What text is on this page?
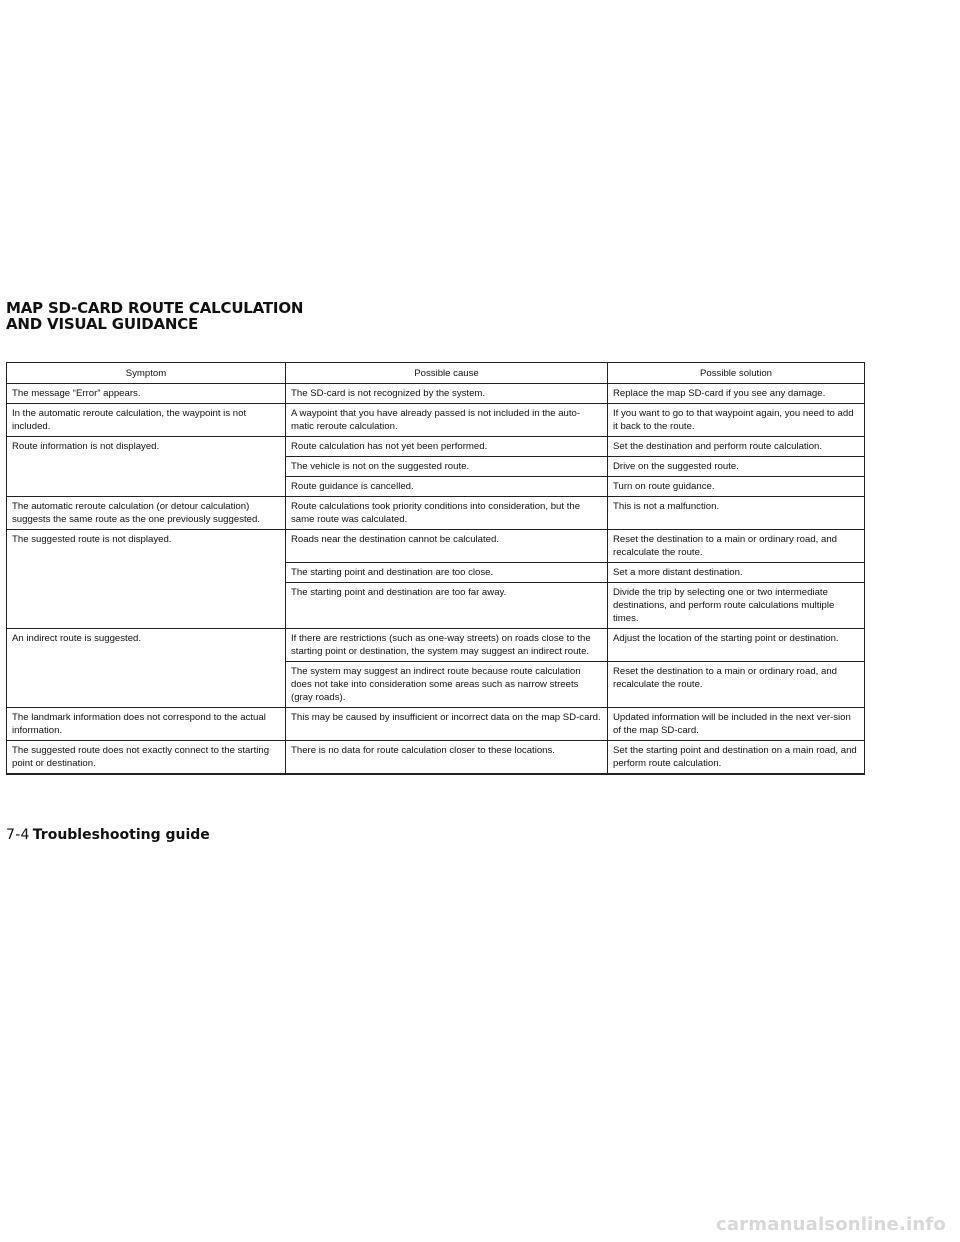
MAP SD-CARD ROUTE CALCULATION
AND VISUAL GUIDANCE
Symptom	Possible cause	Possible solution
The message “Error” appears.	The SD-card is not recognized by the system.	Replace the map SD-card if you see any damage.
In the automatic reroute calculation, the waypoint is not included.	A waypoint that you have already passed is not included in the auto-matic reroute calculation.	If you want to go to that waypoint again, you need to add it back to the route.
Route information is not displayed.	Route calculation has not yet been performed.	Set the destination and perform route calculation.
	The vehicle is not on the suggested route.	Drive on the suggested route.
	Route guidance is cancelled.	Turn on route guidance.
The automatic reroute calculation (or detour calculation) suggests the same route as the one previously suggested.	Route calculations took priority conditions into consideration, but the same route was calculated.	This is not a malfunction.
The suggested route is not displayed.	Roads near the destination cannot be calculated.	Reset the destination to a main or ordinary road, and recalculate the route.
	The starting point and destination are too close.	Set a more distant destination.
	The starting point and destination are too far away.	Divide the trip by selecting one or two intermediate destinations, and perform route calculations multiple times.
An indirect route is suggested.	If there are restrictions (such as one-way streets) on roads close to the starting point or destination, the system may suggest an indirect route.	Adjust the location of the starting point or destination.
	The system may suggest an indirect route because route calculation does not take into consideration some areas such as narrow streets (gray roads).	Reset the destination to a main or ordinary road, and recalculate the route.
The landmark information does not correspond to the actual information.	This may be caused by insufficient or incorrect data on the map SD-card.	Updated information will be included in the next ver-sion of the map SD-card.
The suggested route does not exactly connect to the starting point or destination.	There is no data for route calculation closer to these locations.	Set the starting point and destination on a main road, and perform route calculation.
7-4 Troubleshooting guide
carmanualsonline.info
